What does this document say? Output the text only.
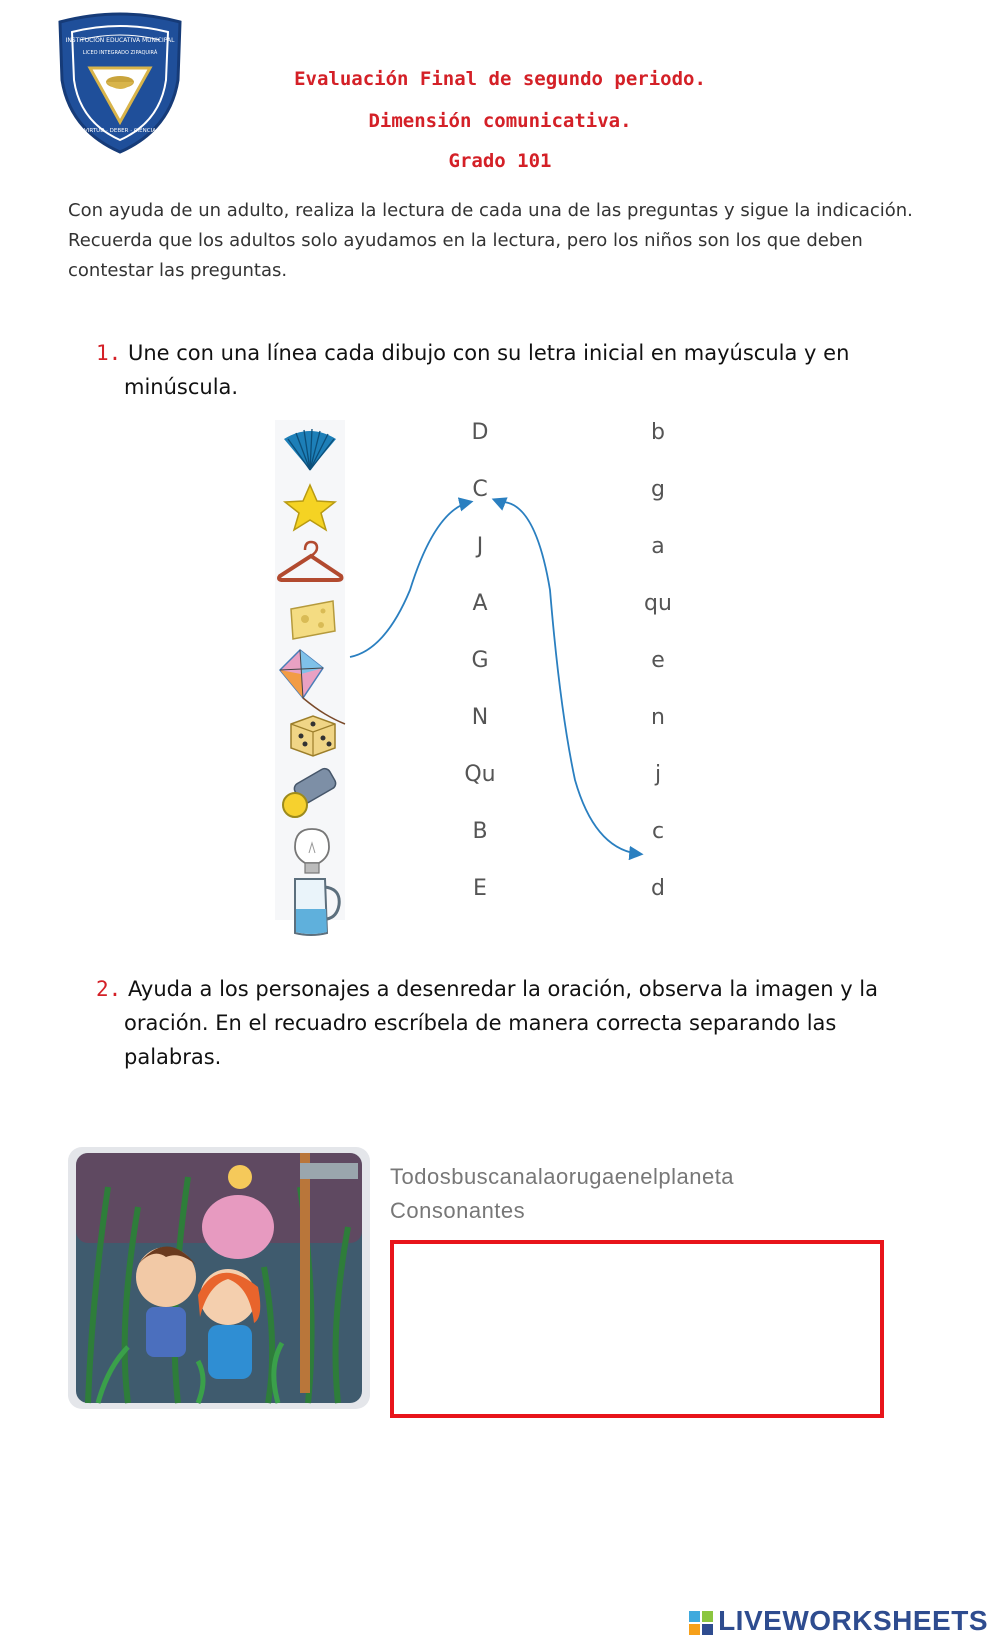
INSTITUCIÓN EDUCATIVA MUNICIPAL
LICEO INTEGRADO ZIPAQUIRÁ
VIRTUD · DEBER · CIENCIA
Evaluación Final de segundo periodo.
Dimensión comunicativa.
Grado 101
Con ayuda de un adulto, realiza la lectura de cada una de las preguntas y sigue la indicación.
Recuerda que los adultos solo ayudamos en la lectura, pero los niños son los que deben
contestar las preguntas.
1. Une con una línea cada dibujo con su letra inicial en mayúscula y en
minúscula.
D
C
J
A
G
N
Qu
B
E
b
g
a
qu
e
n
j
c
d
2. Ayuda a los personajes a desenredar la oración, observa la imagen y la
oración. En el recuadro escríbela de manera correcta separando las
palabras.
Todosbuscanalaorugaenelplaneta
Consonantes
LIVEWORKSHEETS
